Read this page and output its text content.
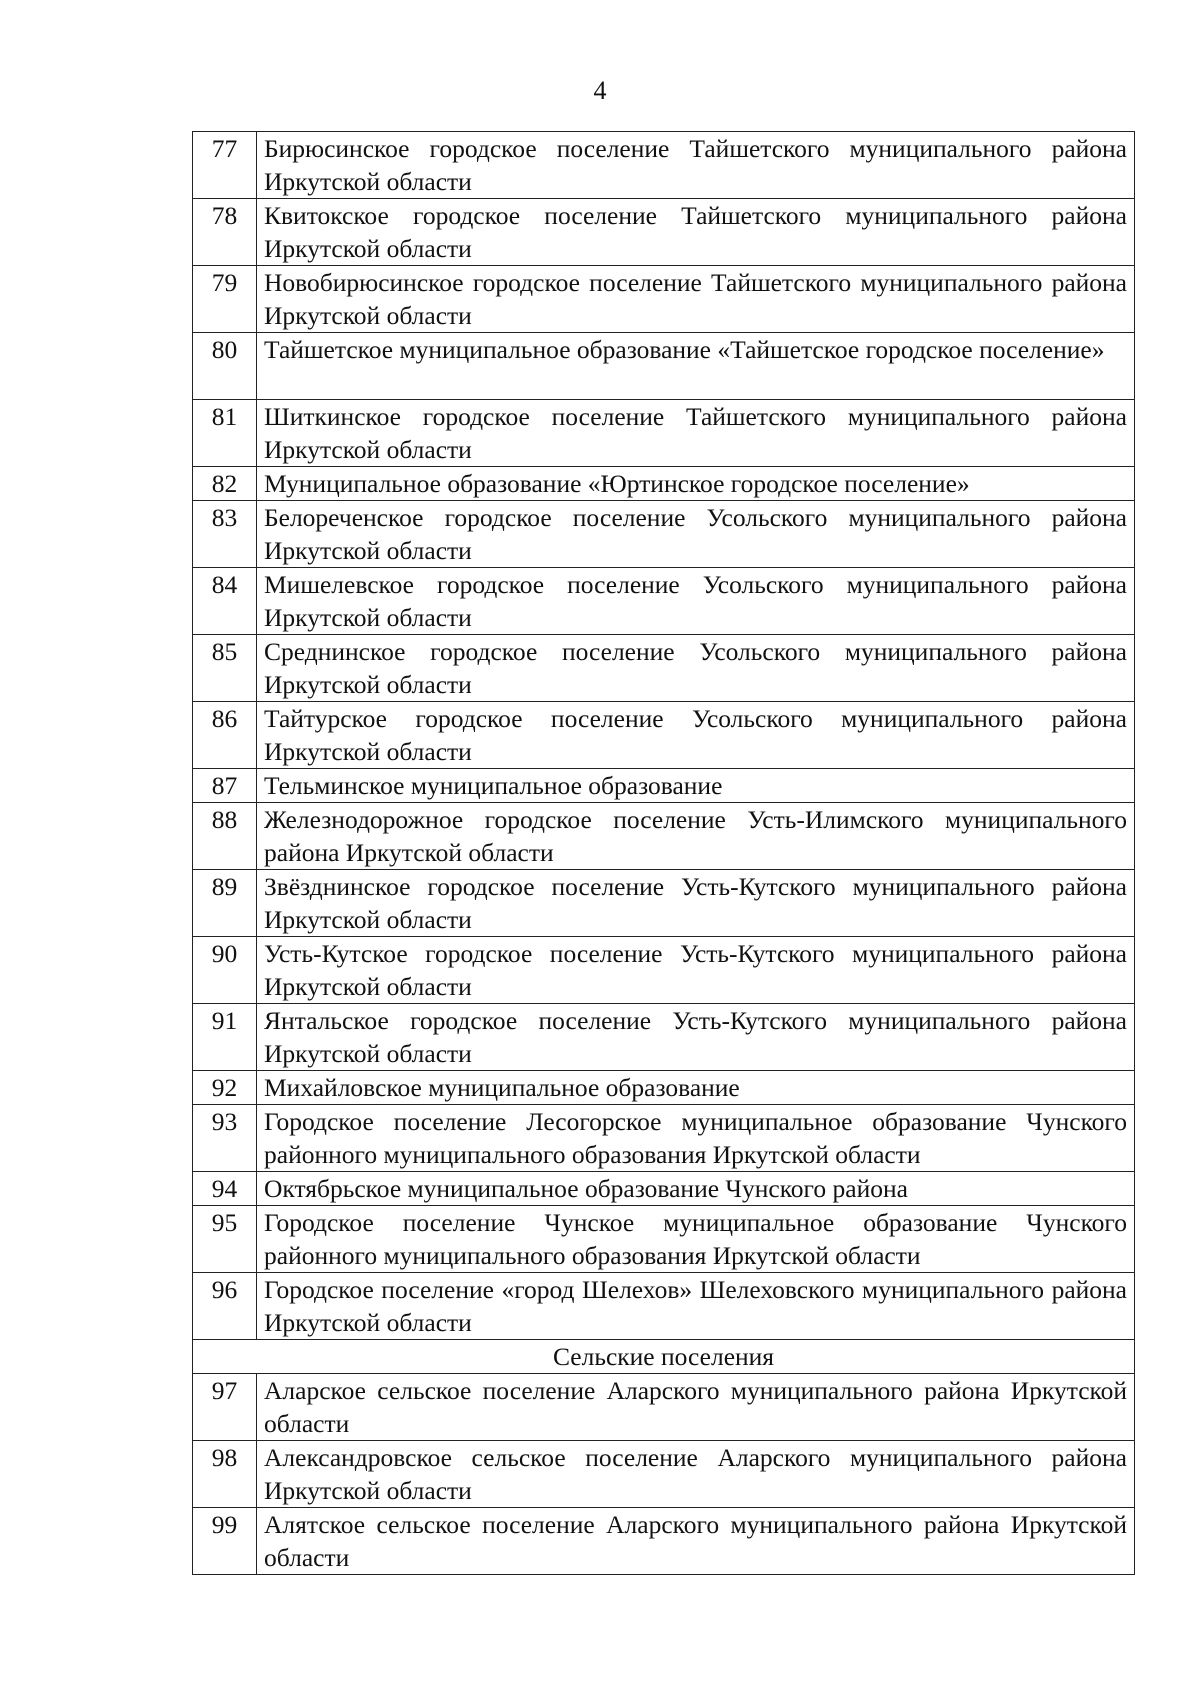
4
77	Бирюсинское городское поселение Тайшетского муниципального района Иркутской области
78	Квитокское городское поселение Тайшетского муниципального района Иркутской области
79	Новобирюсинское городское поселение Тайшетского муниципального района Иркутской области
80	Тайшетское муниципальное образование «Тайшетское городское поселение»
81	Шиткинское городское поселение Тайшетского муниципального района Иркутской области
82	Муниципальное образование «Юртинское городское поселение»
83	Белореченское городское поселение Усольского муниципального района Иркутской области
84	Мишелевское городское поселение Усольского муниципального района Иркутской области
85	Среднинское городское поселение Усольского муниципального района Иркутской области
86	Тайтурское городское поселение Усольского муниципального района Иркутской области
87	Тельминское муниципальное образование
88	Железнодорожное городское поселение Усть-Илимского муниципального района Иркутской области
89	Звёзднинское городское поселение Усть-Кутского муниципального района Иркутской области
90	Усть-Кутское городское поселение Усть-Кутского муниципального района Иркутской области
91	Янтальское городское поселение Усть-Кутского муниципального района Иркутской области
92	Михайловское муниципальное образование
93	Городское поселение Лесогорское муниципальное образование Чунского районного муниципального образования Иркутской области
94	Октябрьское муниципальное образование Чунского района
95	Городское поселение Чунское муниципальное образование Чунского районного муниципального образования Иркутской области
96	Городское поселение «город Шелехов» Шелеховского муниципального района Иркутской области
Сельские поселения	
97	Аларское сельское поселение Аларского муниципального района Иркутской области
98	Александровское сельское поселение Аларского муниципального района Иркутской области
99	Алятское сельское поселение Аларского муниципального района Иркутской области
